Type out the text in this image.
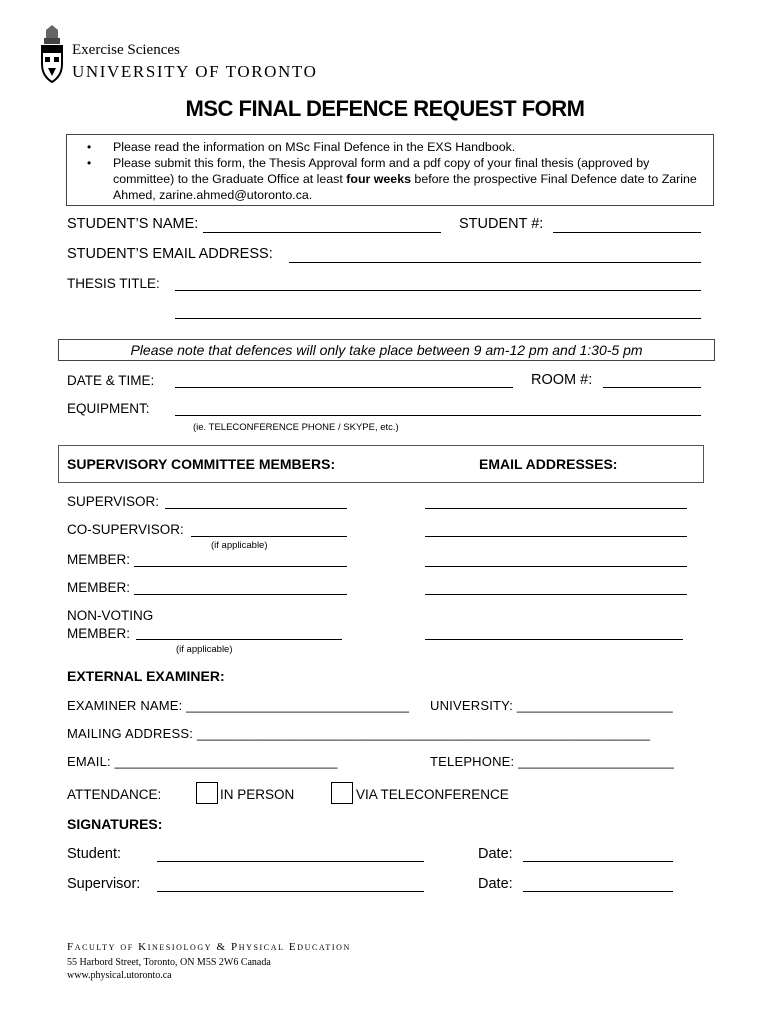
Exercise Sciences
UNIVERSITY OF TORONTO
MSC FINAL DEFENCE REQUEST FORM
• Please read the information on MSc Final Defence in the EXS Handbook.
• Please submit this form, the Thesis Approval form and a pdf copy of your final thesis (approved by committee) to the Graduate Office at least four weeks before the prospective Final Defence date to Zarine Ahmed, zarine.ahmed@utoronto.ca.
STUDENT’S NAME:	STUDENT #:
STUDENT’S EMAIL ADDRESS:
THESIS TITLE:
Please note that defences will only take place between 9 am-12 pm and 1:30-5 pm
DATE & TIME:	ROOM #:
EQUIPMENT:
(ie. TELECONFERENCE PHONE / SKYPE, etc.)
SUPERVISORY COMMITTEE MEMBERS:	EMAIL ADDRESSES:
SUPERVISOR:
CO-SUPERVISOR:
(if applicable)
MEMBER:
MEMBER:
NON-VOTING
MEMBER:
(if applicable)
EXTERNAL EXAMINER:
EXAMINER NAME: ______________________________ UNIVERSITY: _____________________
MAILING ADDRESS: _____________________________________________________________
EMAIL: ______________________________	TELEPHONE: _____________________
ATTENDANCE:	IN PERSON	VIA TELECONFERENCE
SIGNATURES:
Student:	Date:
Supervisor:	Date:
Faculty of Kinesiology & Physical Education
55 Harbord Street, Toronto, ON M5S 2W6 Canada
www.physical.utoronto.ca
